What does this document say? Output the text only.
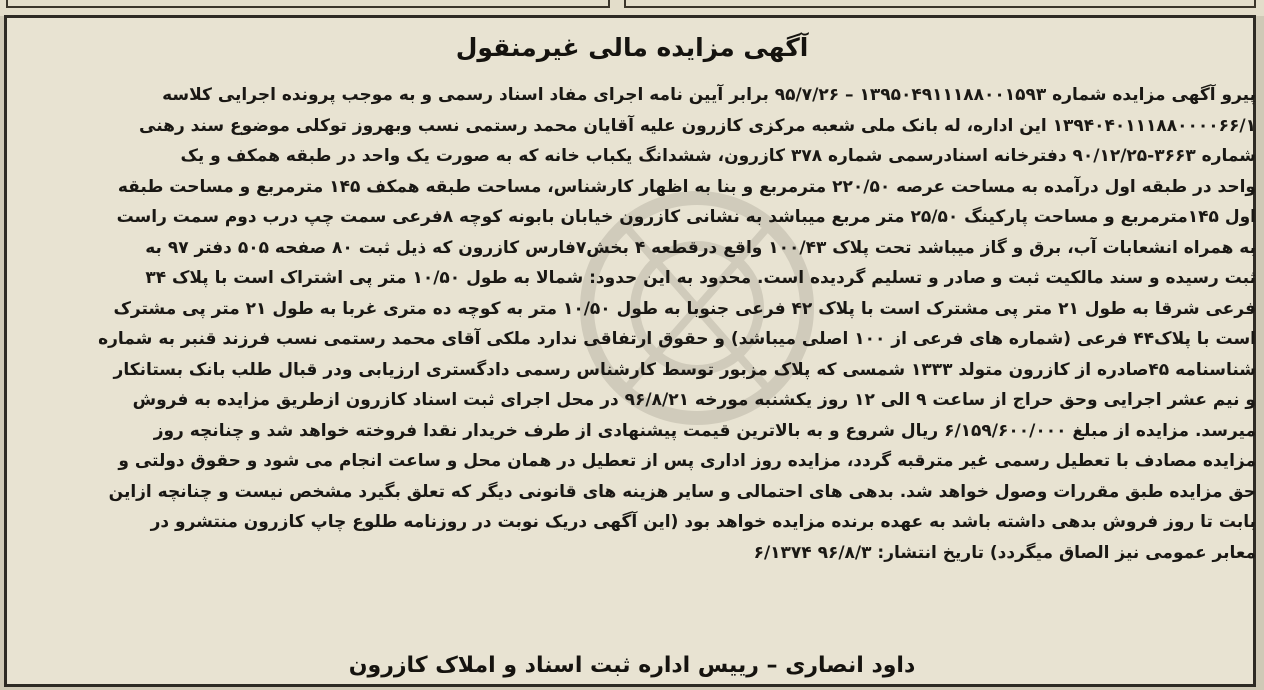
آگهی مزایده مالی غیرمنقول
پیرو آگهی مزایده شماره ۱۳۹۵۰۴۹۱۱۱۸۸۰۰۱۵۹۳ – ۹۵/۷/۲۶ برابر آیین نامه اجرای مفاد اسناد رسمی و به موجب پرونده اجرایی کلاسه
۱۳۹۴۰۴۰۱۱۱۸۸۰۰۰۰۶۶/۱ این اداره، له بانک ملی شعبه مرکزی کازرون علیه آقایان محمد رستمی نسب وبهروز توکلی موضوع سند رهنی
شماره ۳۶۶۳-۹۰/۱۲/۲۵ دفترخانه اسنادرسمی شماره ۳۷۸ کازرون، ششدانگ یکباب خانه که به صورت یک واحد در طبقه همکف و یک
واحد در طبقه اول درآمده به مساحت عرصه ۲۲۰/۵۰ مترمربع و بنا به اظهار کارشناس، مساحت طبقه همکف ۱۴۵ مترمربع و مساحت طبقه
اول ۱۴۵مترمربع و مساحت پارکینگ ۲۵/۵۰ متر مربع میباشد به نشانی کازرون خیابان بابونه کوچه ۸فرعی سمت چپ درب دوم سمت راست
به همراه انشعابات آب، برق و گاز میباشد تحت پلاک ۱۰۰/۴۳ واقع درقطعه ۴ بخش۷فارس کازرون که ذیل ثبت ۸۰ صفحه ۵۰۵ دفتر ۹۷ به
ثبت رسیده و سند مالکیت ثبت و صادر و تسلیم گردیده است. محدود به این حدود: شمالا به طول ۱۰/۵۰ متر پی اشتراک است با پلاک ۳۴
فرعی شرقا به طول ۲۱ متر پی مشترک است با پلاک ۴۲ فرعی جنوبا به طول ۱۰/۵۰ متر به کوچه ده متری غربا به طول ۲۱ متر پی مشترک
است با پلاک۴۴ فرعی (شماره های فرعی از ۱۰۰ اصلی میباشد) و حقوق ارتفاقی ندارد ملکی آقای محمد رستمی نسب فرزند قنبر به شماره
شناسنامه ۴۵صادره از کازرون متولد ۱۳۳۳ شمسی که پلاک مزبور توسط کارشناس رسمی دادگستری ارزیابی ودر قبال طلب بانک بستانکار
و نیم عشر اجرایی وحق حراج از ساعت ۹ الی ۱۲ روز یکشنبه مورخه ۹۶/۸/۲۱ در محل اجرای ثبت اسناد کازرون ازطریق مزایده به فروش
میرسد. مزایده از مبلغ ۶/۱۵۹/۶۰۰/۰۰۰ ریال شروع و به بالاترین قیمت پیشنهادی از طرف خریدار نقدا فروخته خواهد شد و چنانچه روز
مزایده مصادف با تعطیل رسمی غیر مترقبه گردد، مزایده روز اداری پس از تعطیل در همان محل و ساعت انجام می شود و حقوق دولتی و
حق مزایده طبق مقررات وصول خواهد شد. بدهی های احتمالی و سایر هزینه های قانونی دیگر که تعلق بگیرد مشخص نیست و چنانچه ازاین
بابت تا روز فروش بدهی داشته باشد به عهده برنده مزایده خواهد بود (این آگهی دریک نوبت در روزنامه طلوع چاپ کازرون منتشرو در
معابر عمومی نیز الصاق میگردد) تاریخ انتشار: ۹۶/۸/۳ ۶/۱۳۷۴

داود انصاری – رییس اداره ثبت اسناد و املاک کازرون
